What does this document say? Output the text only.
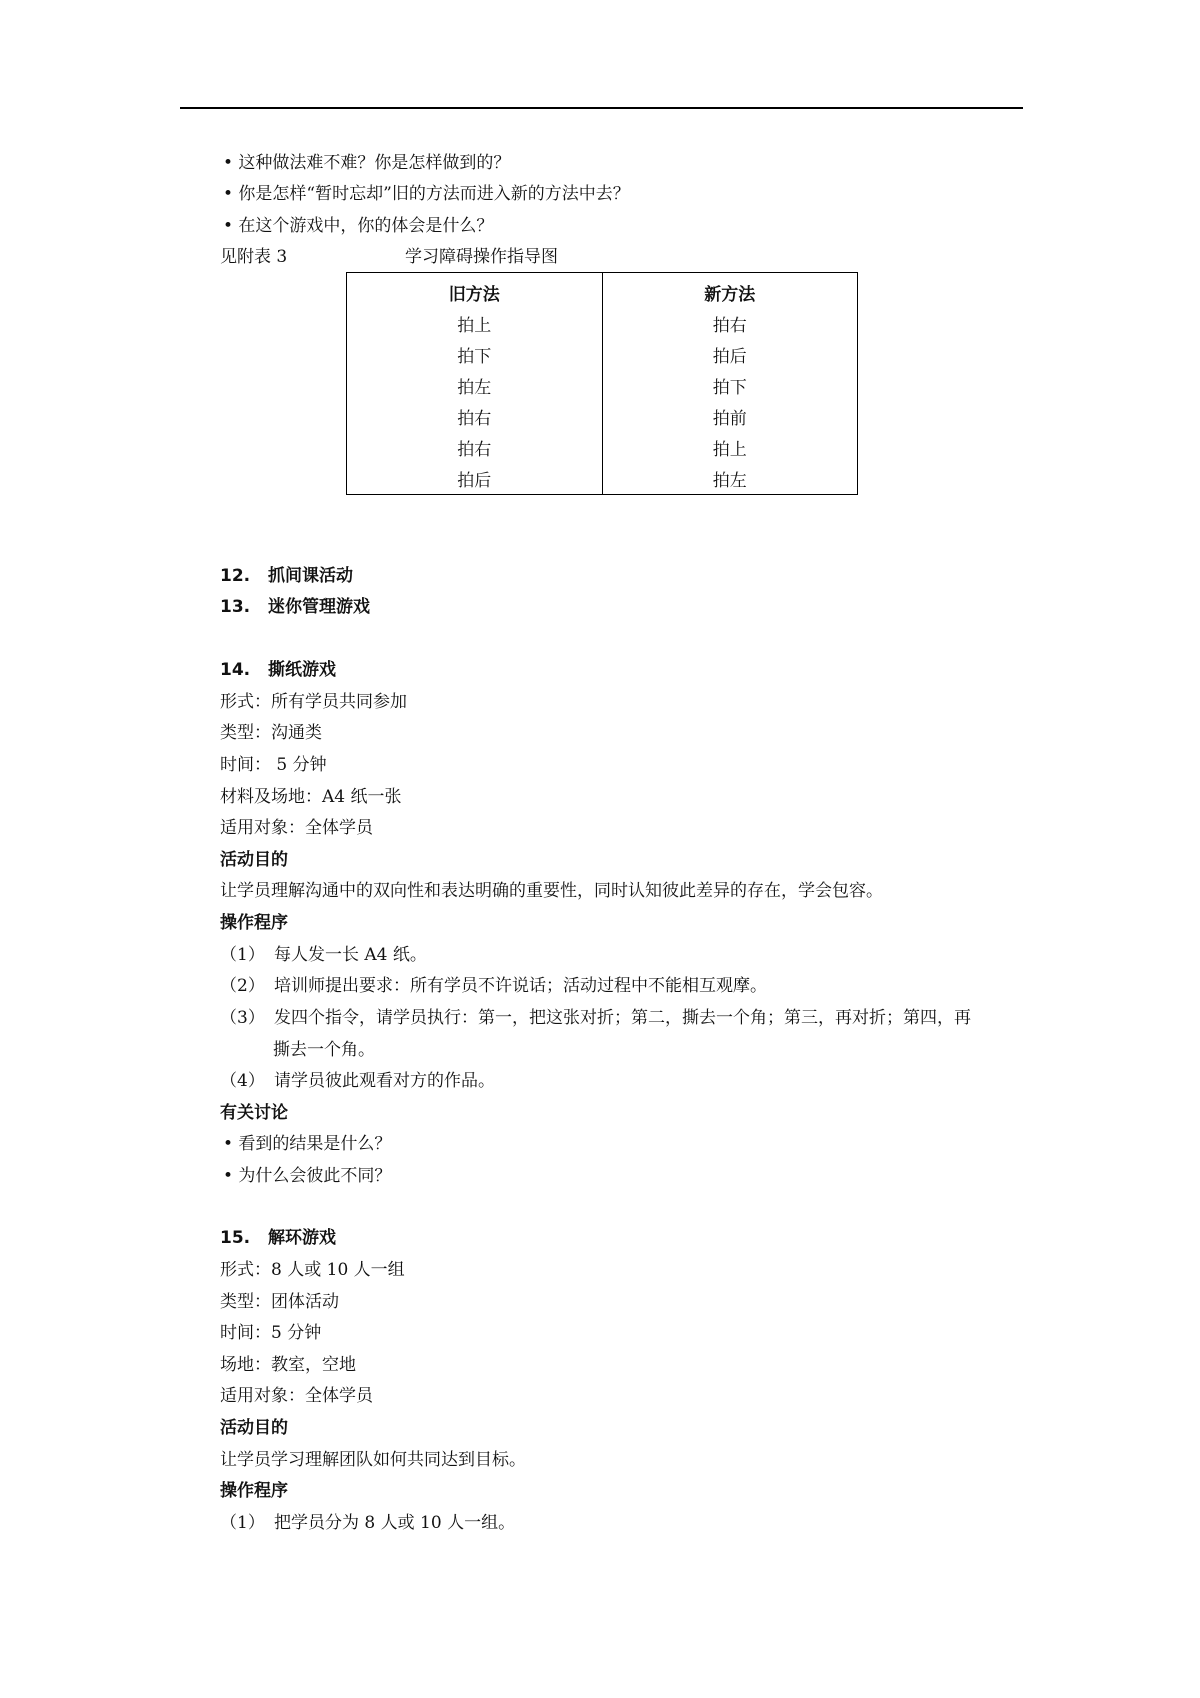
• 这种做法难不难？你是怎样做到的？
• 你是怎样“暂时忘却”旧的方法而进入新的方法中去？
• 在这个游戏中，你的体会是什么？
见附表 3	学习障碍操作指导图
旧方法	新方法
拍上	拍右
拍下	拍后
拍左	拍下
拍右	拍前
拍右	拍上
拍后	拍左
12. 抓间课活动
13. 迷你管理游戏
14. 撕纸游戏
形式：所有学员共同参加
类型：沟通类
时间： 5 分钟
材料及场地：A4 纸一张
适用对象：全体学员
活动目的
让学员理解沟通中的双向性和表达明确的重要性，同时认知彼此差异的存在，学会包容。
操作程序
（1） 每人发一长 A4 纸。
（2） 培训师提出要求：所有学员不许说话；活动过程中不能相互观摩。
（3） 发四个指令，请学员执行：第一，把这张对折；第二，撕去一个角；第三，再对折；第四，再
撕去一个角。
（4） 请学员彼此观看对方的作品。
有关讨论
• 看到的结果是什么？
• 为什么会彼此不同？
15. 解环游戏
形式：8 人或 10 人一组
类型：团体活动
时间：5 分钟
场地：教室，空地
适用对象：全体学员
活动目的
让学员学习理解团队如何共同达到目标。
操作程序
（1） 把学员分为 8 人或 10 人一组。
